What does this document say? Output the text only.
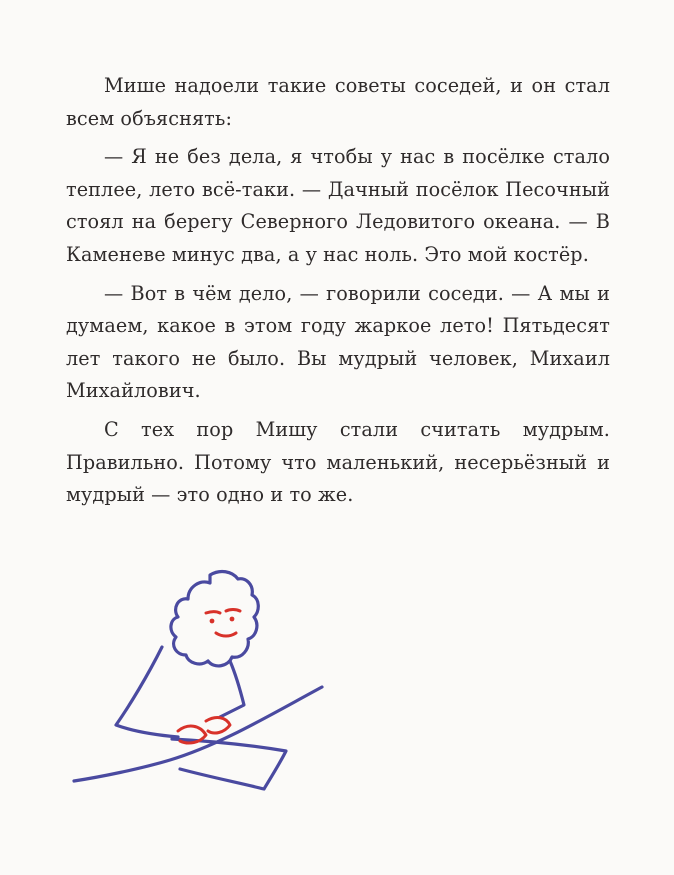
Мише надоели такие советы соседей, и он стал всем объяснять:

— Я не без дела, я чтобы у нас в посёлке стало теплее, лето всё-таки. — Дачный посёлок Песочный стоял на берегу Северного Ледовитого океана. — В Каменеве минус два, а у нас ноль. Это мой костёр.

— Вот в чём дело, — говорили соседи. — А мы и думаем, какое в этом году жаркое лето! Пятьдесят лет такого не было. Вы мудрый человек, Михаил Михайлович.

С тех пор Мишу стали считать мудрым. Правильно. Потому что маленький, несерьёзный и мудрый — это одно и то же.
